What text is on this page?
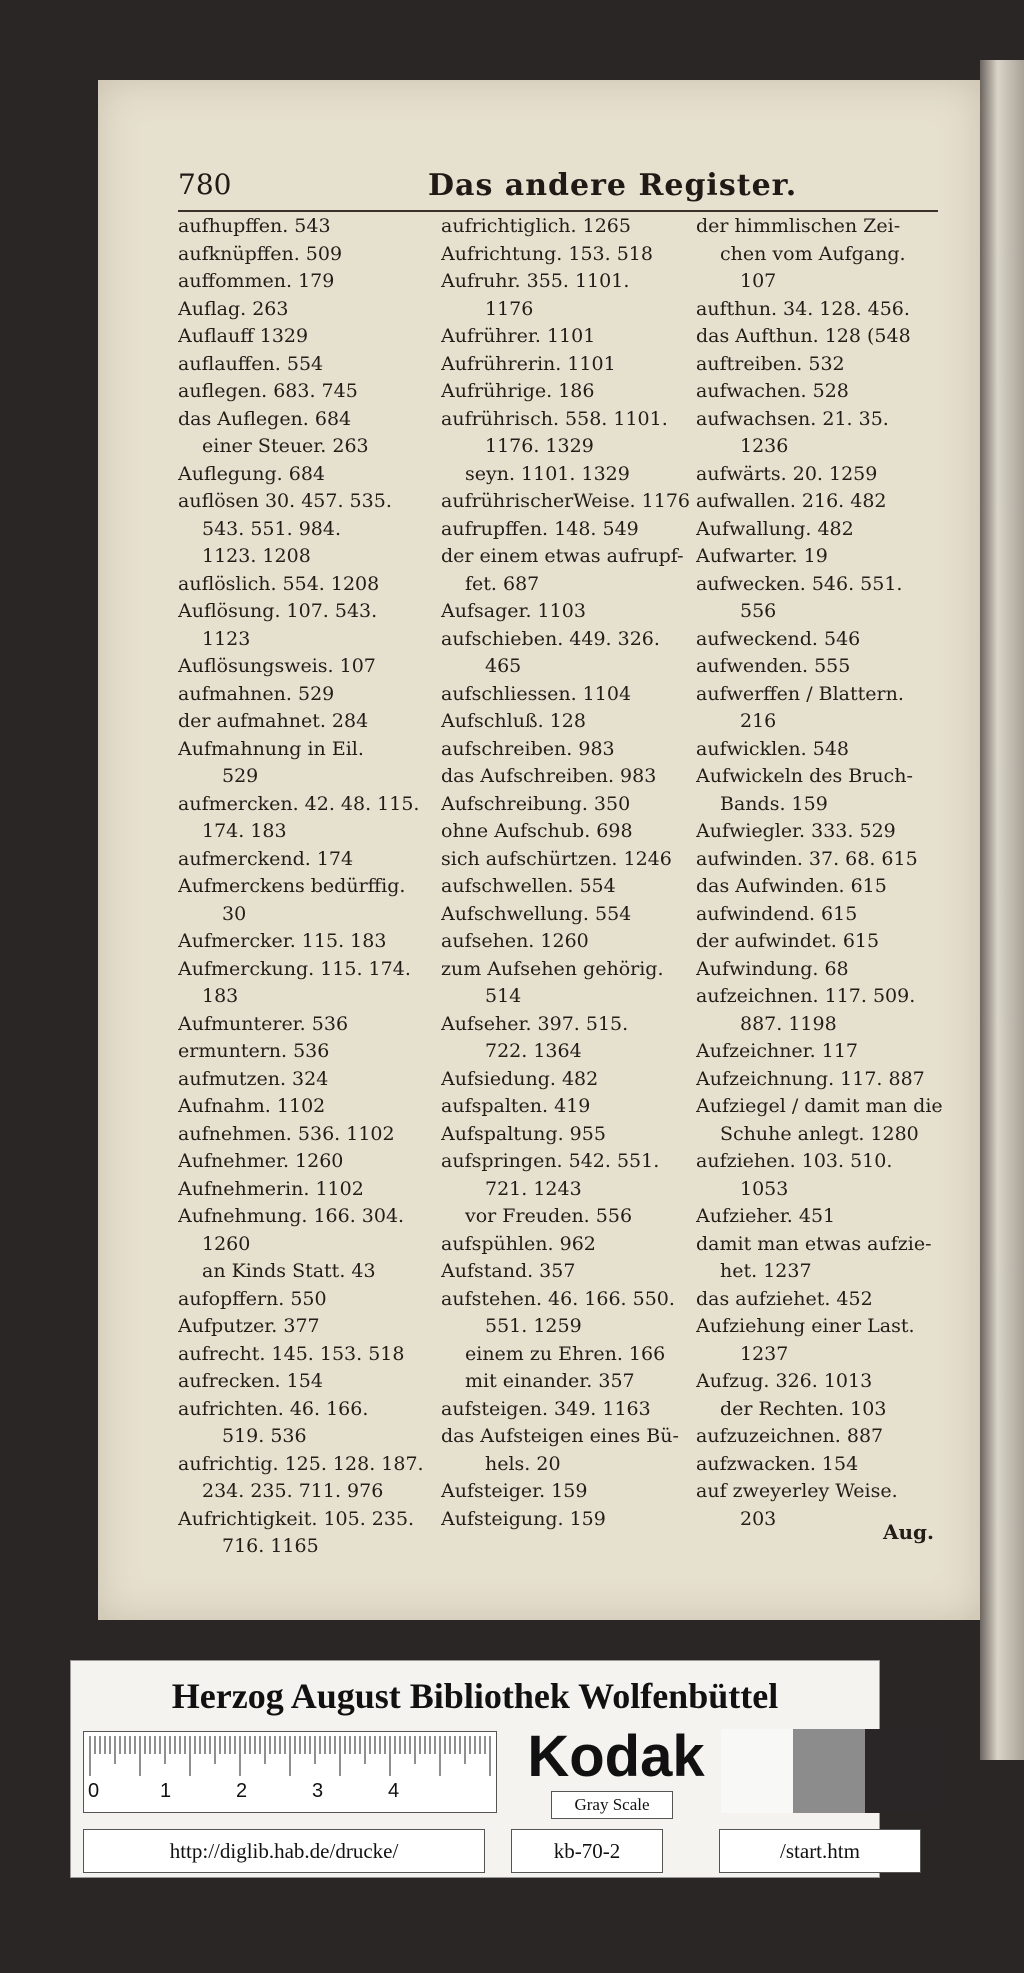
780	Das andere Register.
aufhupffen. 543
aufknüpffen. 509
auffommen. 179
Auflag. 263
Auflauff 1329
auflauffen. 554
auflegen. 683. 745
das Auflegen. 684
einer Steuer. 263
Auflegung. 684
auflösen 30. 457. 535.
543. 551. 984.
1123. 1208
auflöslich. 554. 1208
Auflösung. 107. 543.
1123
Auflösungsweis. 107
aufmahnen. 529
der aufmahnet. 284
Aufmahnung in Eil.
529
aufmercken. 42. 48. 115.
174. 183
aufmerckend. 174
Aufmerckens bedürffig.
30
Aufmercker. 115. 183
Aufmerckung. 115. 174.
183
Aufmunterer. 536
ermuntern. 536
aufmutzen. 324
Aufnahm. 1102
aufnehmen. 536. 1102
Aufnehmer. 1260
Aufnehmerin. 1102
Aufnehmung. 166. 304.
1260
an Kinds Statt. 43
aufopffern. 550
Aufputzer. 377
aufrecht. 145. 153. 518
aufrecken. 154
aufrichten. 46. 166.
519. 536
aufrichtig. 125. 128. 187.
234. 235. 711. 976
Aufrichtigkeit. 105. 235.
716. 1165
aufrichtiglich. 1265
Aufrichtung. 153. 518
Aufruhr. 355. 1101.
1176
Aufrührer. 1101
Aufrührerin. 1101
Aufrührige. 186
aufrührisch. 558. 1101.
1176. 1329
seyn. 1101. 1329
aufrührischerWeise. 1176
aufrupffen. 148. 549
der einem etwas aufrupf-
fet. 687
Aufsager. 1103
aufschieben. 449. 326.
465
aufschliessen. 1104
Aufschluß. 128
aufschreiben. 983
das Aufschreiben. 983
Aufschreibung. 350
ohne Aufschub. 698
sich aufschürtzen. 1246
aufschwellen. 554
Aufschwellung. 554
aufsehen. 1260
zum Aufsehen gehörig.
514
Aufseher. 397. 515.
722. 1364
Aufsiedung. 482
aufspalten. 419
Aufspaltung. 955
aufspringen. 542. 551.
721. 1243
vor Freuden. 556
aufspühlen. 962
Aufstand. 357
aufstehen. 46. 166. 550.
551. 1259
einem zu Ehren. 166
mit einander. 357
aufsteigen. 349. 1163
das Aufsteigen eines Bü-
hels. 20
Aufsteiger. 159
Aufsteigung. 159
der himmlischen Zei-
chen vom Aufgang.
107
aufthun. 34. 128. 456.
das Aufthun. 128 (548
auftreiben. 532
aufwachen. 528
aufwachsen. 21. 35.
1236
aufwärts. 20. 1259
aufwallen. 216. 482
Aufwallung. 482
Aufwarter. 19
aufwecken. 546. 551.
556
aufweckend. 546
aufwenden. 555
aufwerffen / Blattern.
216
aufwicklen. 548
Aufwickeln des Bruch-
Bands. 159
Aufwiegler. 333. 529
aufwinden. 37. 68. 615
das Aufwinden. 615
aufwindend. 615
der aufwindet. 615
Aufwindung. 68
aufzeichnen. 117. 509.
887. 1198
Aufzeichner. 117
Aufzeichnung. 117. 887
Aufziegel / damit man die
Schuhe anlegt. 1280
aufziehen. 103. 510.
1053
Aufzieher. 451
damit man etwas aufzie-
het. 1237
das aufziehet. 452
Aufziehung einer Last.
1237
Aufzug. 326. 1013
der Rechten. 103
aufzuzeichnen. 887
aufzwacken. 154
auf zweyerley Weise.
203
Aug.
Herzog August Bibliothek Wolfenbüttel
0	1	2	3	4
Kodak
Gray Scale
http://diglib.hab.de/drucke/	kb-70-2	/start.htm
